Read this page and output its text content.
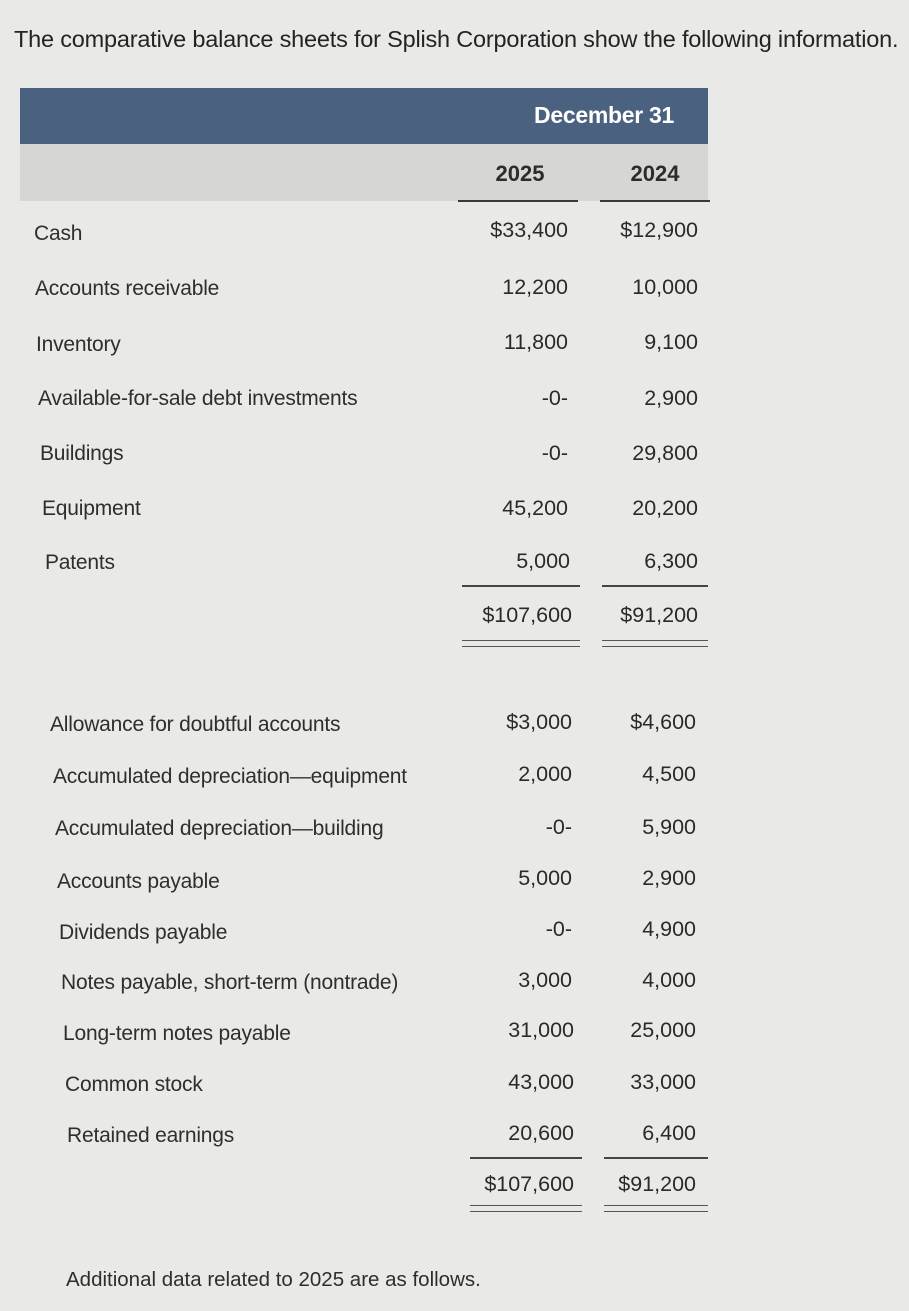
The comparative balance sheets for Splish Corporation show the following information.
December 31
2025	2024
Cash	$33,400	$12,900
Accounts receivable	12,200	10,000
Inventory	11,800	9,100
Available-for-sale debt investments	-0-	2,900
Buildings	-0-	29,800
Equipment	45,200	20,200
Patents	5,000	6,300
$107,600	$91,200
Allowance for doubtful accounts	$3,000	$4,600
Accumulated depreciation—equipment	2,000	4,500
Accumulated depreciation—building	-0-	5,900
Accounts payable	5,000	2,900
Dividends payable	-0-	4,900
Notes payable, short-term (nontrade)	3,000	4,000
Long-term notes payable	31,000	25,000
Common stock	43,000	33,000
Retained earnings	20,600	6,400
$107,600	$91,200
Additional data related to 2025 are as follows.
